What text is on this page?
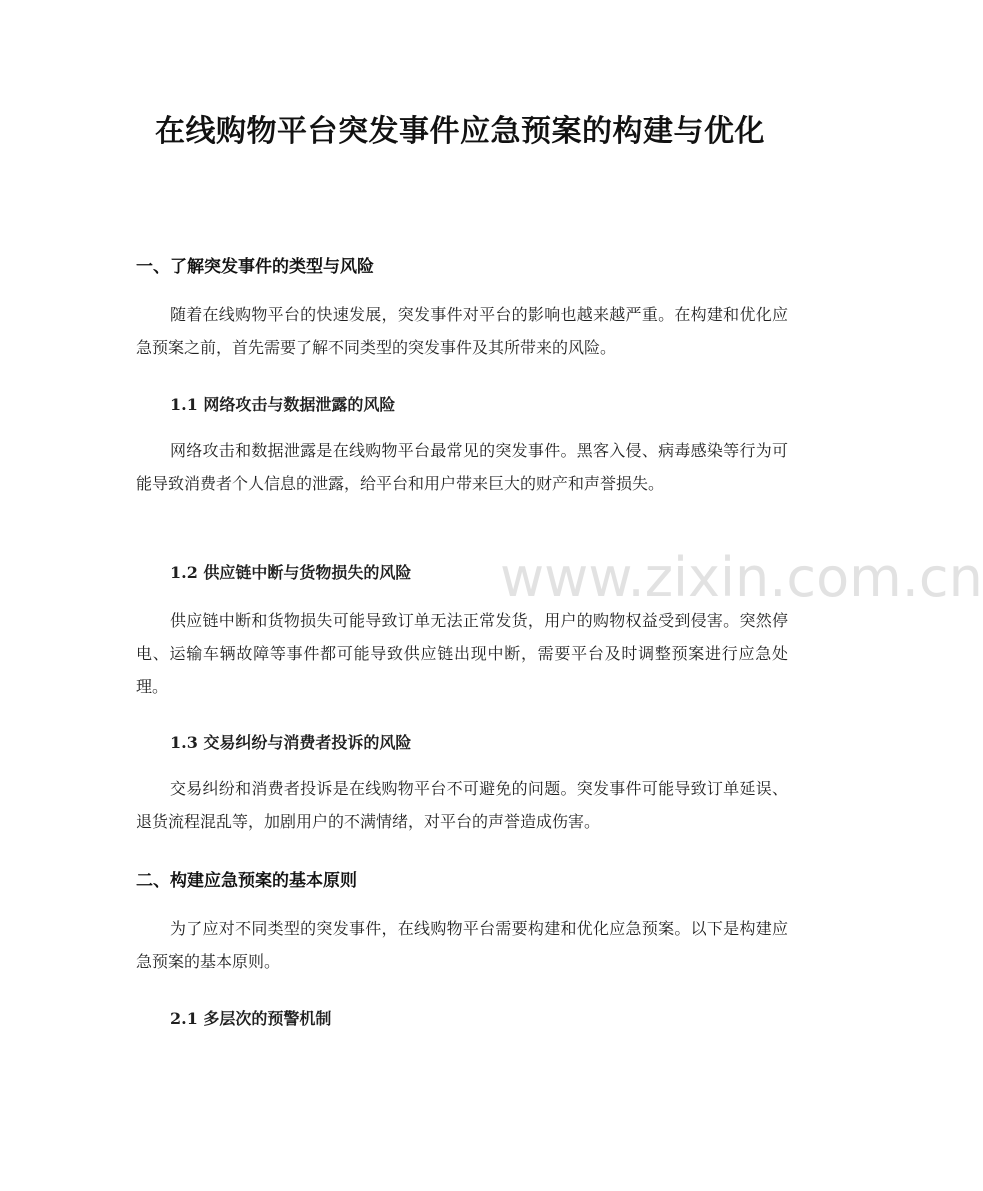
在线购物平台突发事件应急预案的构建与优化
一、了解突发事件的类型与风险

随着在线购物平台的快速发展，突发事件对平台的影响也越来越严重。在构建和优化应急预案之前，首先需要了解不同类型的突发事件及其所带来的风险。

1.1 网络攻击与数据泄露的风险

网络攻击和数据泄露是在线购物平台最常见的突发事件。黑客入侵、病毒感染等行为可能导致消费者个人信息的泄露，给平台和用户带来巨大的财产和声誉损失。

1.2 供应链中断与货物损失的风险

供应链中断和货物损失可能导致订单无法正常发货，用户的购物权益受到侵害。突然停电、运输车辆故障等事件都可能导致供应链出现中断，需要平台及时调整预案进行应急处理。

1.3 交易纠纷与消费者投诉的风险

交易纠纷和消费者投诉是在线购物平台不可避免的问题。突发事件可能导致订单延误、退货流程混乱等，加剧用户的不满情绪，对平台的声誉造成伤害。

二、构建应急预案的基本原则

为了应对不同类型的突发事件，在线购物平台需要构建和优化应急预案。以下是构建应急预案的基本原则。

2.1 多层次的预警机制
www.zixin.com.cn
